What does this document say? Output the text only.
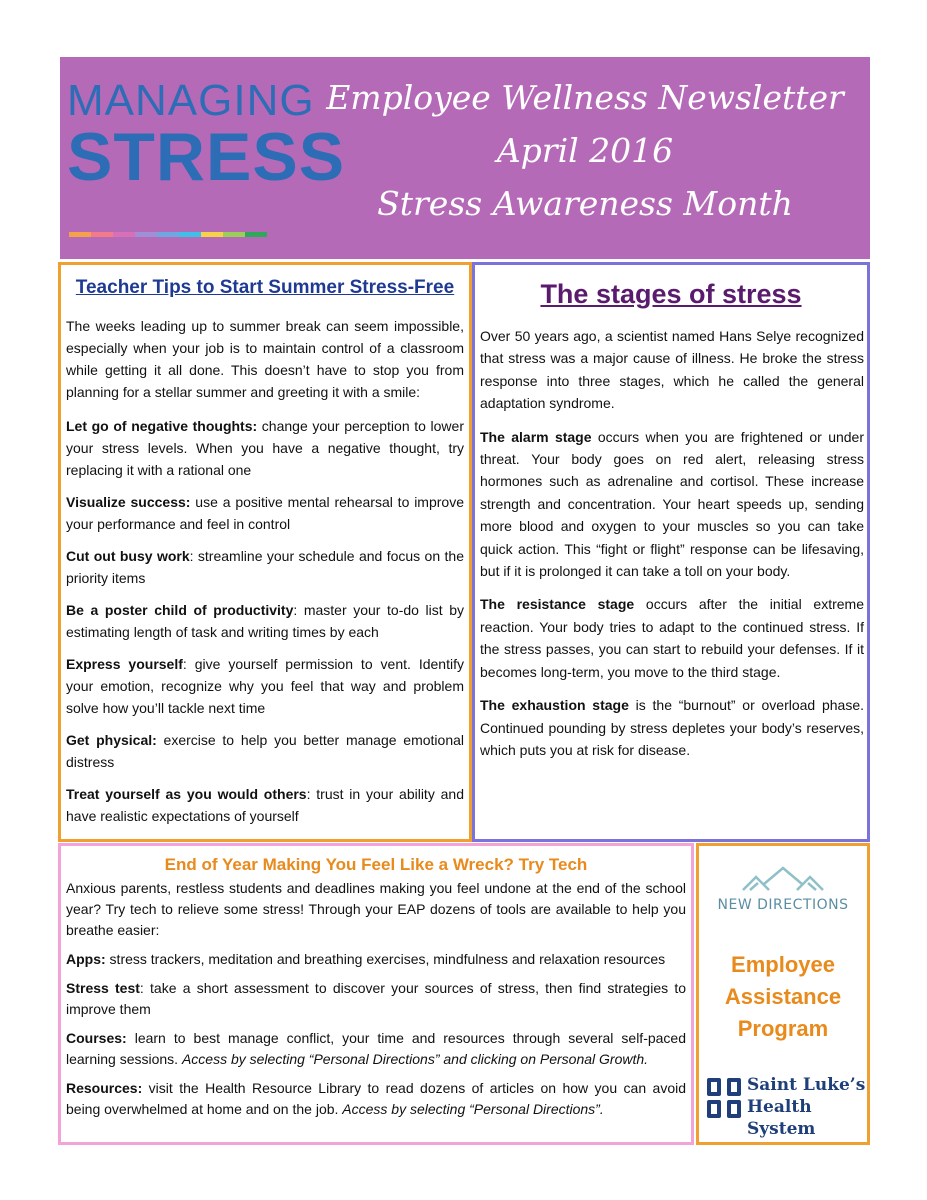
MANAGING
STRESS
Employee Wellness Newsletter
April 2016
Stress Awareness Month
Teacher Tips to Start Summer Stress-Free

The weeks leading up to summer break can seem impossible, especially when your job is to maintain control of a classroom while getting it all done. This doesn’t have to stop you from planning for a stellar summer and greeting it with a smile:

Let go of negative thoughts: change your perception to lower your stress levels. When you have a negative thought, try replacing it with a rational one

Visualize success: use a positive mental rehearsal to improve your performance and feel in control

Cut out busy work: streamline your schedule and focus on the priority items

Be a poster child of productivity: master your to-do list by estimating length of task and writing times by each

Express yourself: give yourself permission to vent. Identify your emotion, recognize why you feel that way and problem solve how you’ll tackle next time

Get physical: exercise to help you better manage emotional distress

Treat yourself as you would others: trust in your ability and have realistic expectations of yourself

The stages of stress

Over 50 years ago, a scientist named Hans Selye recognized that stress was a major cause of illness. He broke the stress response into three stages, which he called the general adaptation syndrome.

The alarm stage occurs when you are frightened or under threat. Your body goes on red alert, releasing stress hormones such as adrenaline and cortisol. These increase strength and concentration. Your heart speeds up, sending more blood and oxygen to your muscles so you can take quick action. This “fight or flight” response can be lifesaving, but if it is prolonged it can take a toll on your body.

The resistance stage occurs after the initial extreme reaction. Your body tries to adapt to the continued stress. If the stress passes, you can start to rebuild your defenses. If it becomes long-term, you move to the third stage.

The exhaustion stage is the “burnout” or overload phase. Continued pounding by stress depletes your body’s reserves, which puts you at risk for disease.

End of Year Making You Feel Like a Wreck? Try Tech

Anxious parents, restless students and deadlines making you feel undone at the end of the school year? Try tech to relieve some stress! Through your EAP dozens of tools are available to help you breathe easier:

Apps: stress trackers, meditation and breathing exercises, mindfulness and relaxation resources

Stress test: take a short assessment to discover your sources of stress, then find strategies to improve them

Courses: learn to best manage conflict, your time and resources through several self-paced learning sessions. Access by selecting “Personal Directions” and clicking on Personal Growth.

Resources: visit the Health Resource Library to read dozens of articles on how you can avoid being overwhelmed at home and on the job. Access by selecting “Personal Directions”.

NEW DIRECTIONS
Employee
Assistance
Program
Saint Luke’s
Health System
